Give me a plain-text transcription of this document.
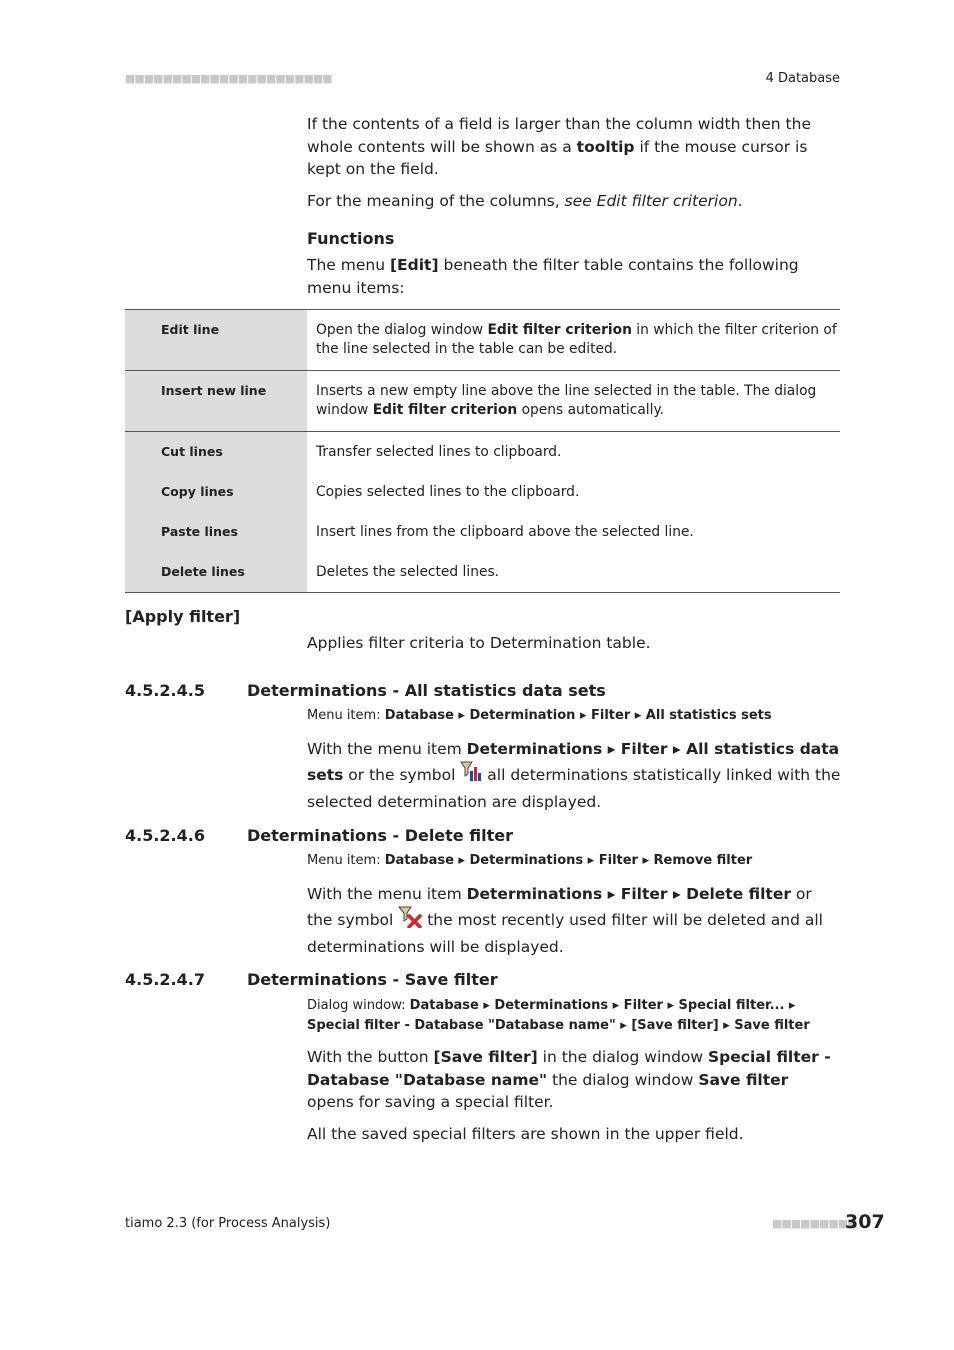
■■■■■■■■■■■■■■■■■■■■■■	4 Database
If the contents of a field is larger than the column width then the whole contents will be shown as a tooltip if the mouse cursor is kept on the field.
For the meaning of the columns, see Edit filter criterion.
Functions
The menu [Edit] beneath the filter table contains the following menu items:
Edit line	Open the dialog window Edit filter criterion in which the filter criterion of the line selected in the table can be edited.
Insert new line	Inserts a new empty line above the line selected in the table. The dialog window Edit filter criterion opens automatically.
Cut lines	Transfer selected lines to clipboard.
Copy lines	Copies selected lines to the clipboard.
Paste lines	Insert lines from the clipboard above the selected line.
Delete lines	Deletes the selected lines.
[Apply filter]
Applies filter criteria to Determination table.
4.5.2.4.5	Determinations - All statistics data sets
Menu item: Database ▸ Determination ▸ Filter ▸ All statistics sets
With the menu item Determinations ▸ Filter ▸ All statistics data sets or the symbol  all determinations statistically linked with the selected determination are displayed.
4.5.2.4.6	Determinations - Delete filter
Menu item: Database ▸ Determinations ▸ Filter ▸ Remove filter
With the menu item Determinations ▸ Filter ▸ Delete filter or the symbol  the most recently used filter will be deleted and all determinations will be displayed.
4.5.2.4.7	Determinations - Save filter
Dialog window: Database ▸ Determinations ▸ Filter ▸ Special filter... ▸ Special filter - Database "Database name" ▸ [Save filter] ▸ Save filter
With the button [Save filter] in the dialog window Special filter - Database "Database name" the dialog window Save filter opens for saving a special filter.
All the saved special filters are shown in the upper field.
tiamo 2.3 (for Process Analysis)	■■■■■■■■■
307
